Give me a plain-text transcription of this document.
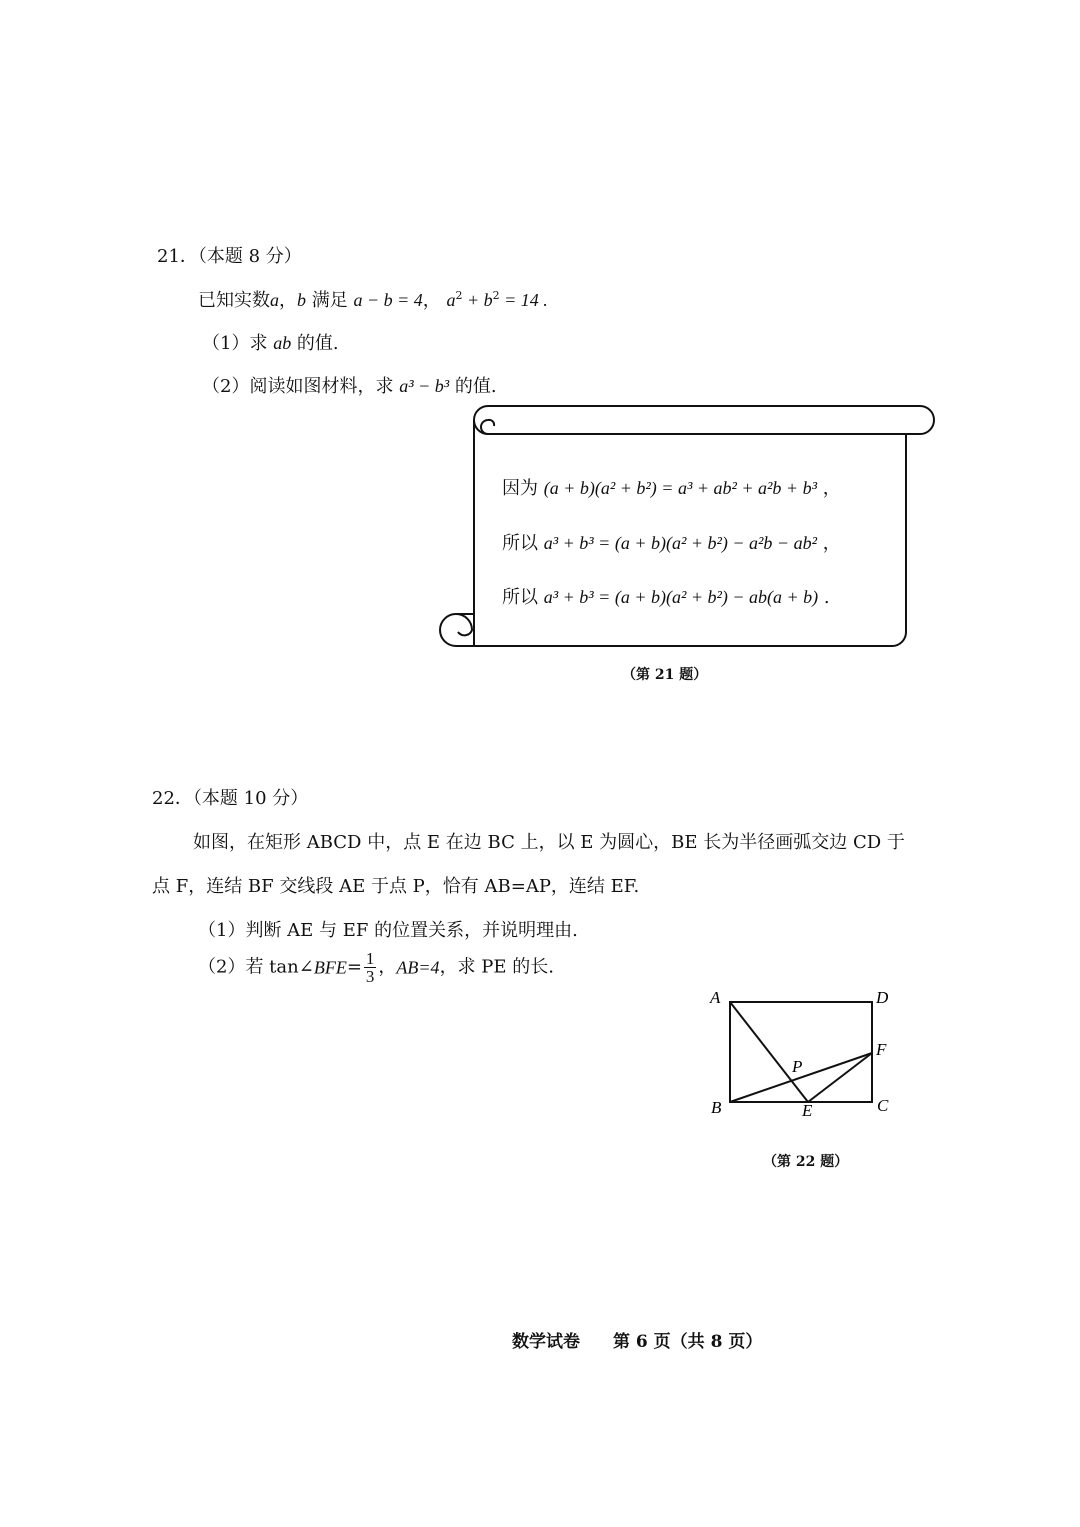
21．（本题 8 分）
已知实数a，b 满足 a − b = 4， $a^2 + b^2 = 14$ .
（1）求 ab 的值.
（2）阅读如图材料，求 a³ − b³ 的值.
因为 (a + b)(a² + b²) = a³ + ab² + a²b + b³ ，
所以 a³ + b³ = (a + b)(a² + b²) − a²b − ab² ，
所以 a³ + b³ = (a + b)(a² + b²) − ab(a + b) .
（第 21 题）
22．（本题 10 分）
如图，在矩形 ABCD 中，点 E 在边 BC 上，以 E 为圆心，BE 长为半径画弧交边 CD 于
点 F，连结 BF 交线段 AE 于点 P，恰有 AB=AP，连结 EF.
（1）判断 AE 与 EF 的位置关系，并说明理由.
（2）若 tan∠BFE= $\frac{1}{3}$ ，AB=4，求 PE 的长.
A	D
F
P
B	E	C
（第 22 题）
数学试卷 第 6 页（共 8 页）
